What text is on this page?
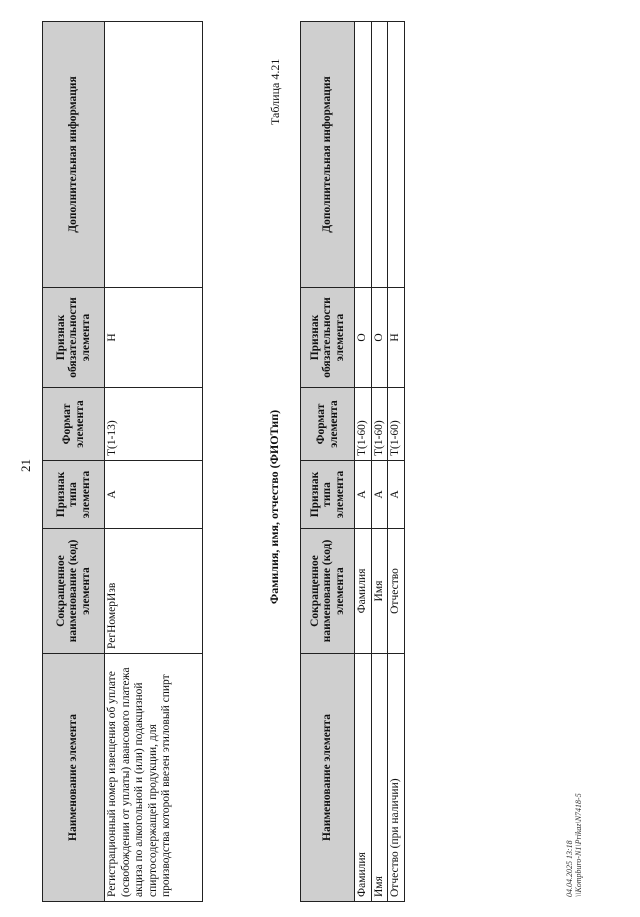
21
Наименование элемента	Сокращенное наименование (код) элемента	Признак типа элемента	Формат элемента	Признак обязательности элемента	Дополнительная информация
Регистрационный номер извещения об уплате (освобождении от уплаты) авансового платежа акциза по алкогольной и (или) подакцизной спиртосодержащей продукции, для производства которой ввезен этиловый спирт	РегНомерИзв	А	T(1-13)	Н	
Таблица 4.21
Фамилия, имя, отчество (ФИОТип)
Наименование элемента	Сокращенное наименование (код) элемента	Признак типа элемента	Формат элемента	Признак обязательности элемента	Дополнительная информация
Фамилия	Фамилия	А	T(1-60)	О	
Имя	Имя	А	T(1-60)	О	
Отчество (при наличии)	Отчество	А	T(1-60)	Н	
04.04.2025 13:18 \\Kompburo-N1\Prikaz\N7418-5
